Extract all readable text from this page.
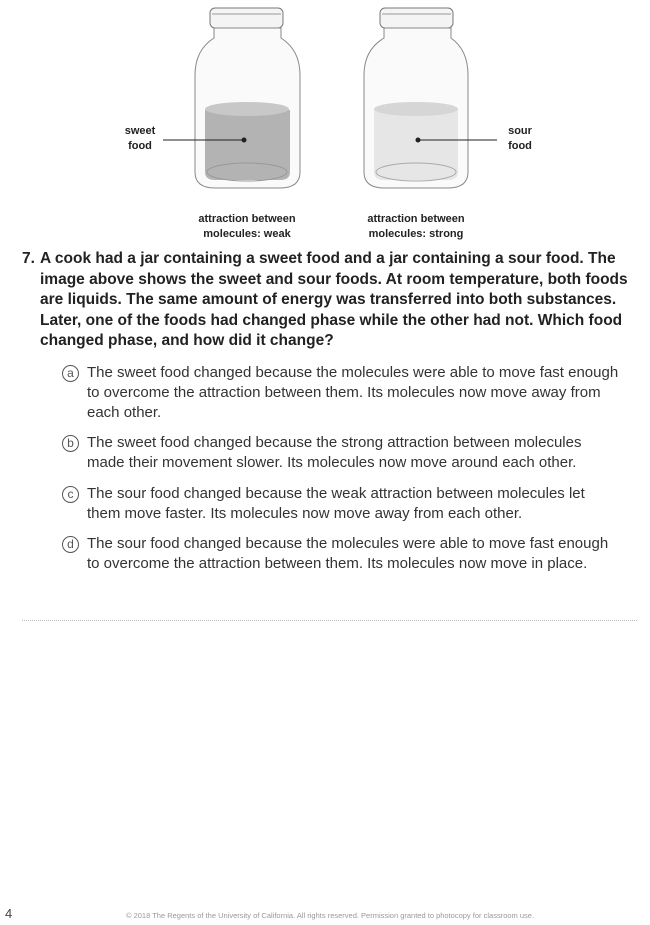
sweet
food
sour
food
attraction between
molecules: weak
attraction between
molecules: strong
7. A cook had a jar containing a sweet food and a jar containing a sour food. The image above shows the sweet and sour foods. At room temperature, both foods are liquids. The same amount of energy was transferred into both substances. Later, one of the foods had changed phase while the other had not. Which food changed phase, and how did it change?
a The sweet food changed because the molecules were able to move fast enough to overcome the attraction between them. Its molecules now move away from each other.
b The sweet food changed because the strong attraction between molecules made their movement slower. Its molecules now move around each other.
c The sour food changed because the weak attraction between molecules let them move faster. Its molecules now move away from each other.
d The sour food changed because the molecules were able to move fast enough to overcome the attraction between them. Its molecules now move in place.
4	© 2018 The Regents of the University of California. All rights reserved. Permission granted to photocopy for classroom use.
